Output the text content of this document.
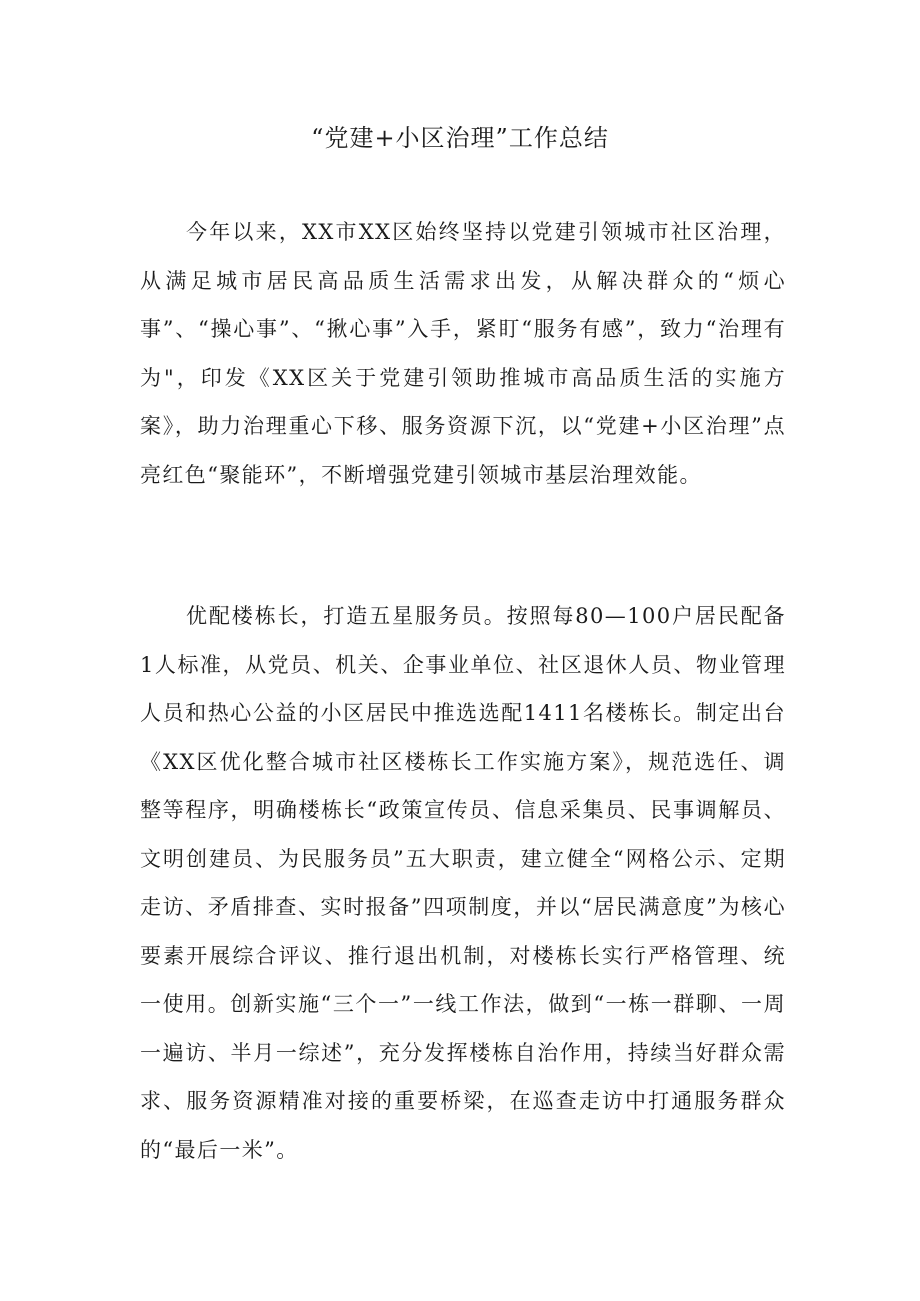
“党建+小区治理”工作总结

今年以来，XX市XX区始终坚持以党建引领城市社区治理，从满足城市居民高品质生活需求出发，从解决群众的“烦心事”、“操心事”、“揪心事”入手，紧盯“服务有感”，致力“治理有为"，印发《XX区关于党建引领助推城市高品质生活的实施方案》，助力治理重心下移、服务资源下沉，以“党建+小区治理”点亮红色“聚能环”，不断增强党建引领城市基层治理效能。

优配楼栋长，打造五星服务员。按照每80—100户居民配备1人标准，从党员、机关、企事业单位、社区退休人员、物业管理人员和热心公益的小区居民中推选选配1411名楼栋长。制定出台《XX区优化整合城市社区楼栋长工作实施方案》，规范选任、调整等程序，明确楼栋长“政策宣传员、信息采集员、民事调解员、文明创建员、为民服务员”五大职责，建立健全“网格公示、定期走访、矛盾排查、实时报备”四项制度，并以“居民满意度”为核心要素开展综合评议、推行退出机制，对楼栋长实行严格管理、统一使用。创新实施“三个一”一线工作法，做到“一栋一群聊、一周一遍访、半月一综述”，充分发挥楼栋自治作用，持续当好群众需求、服务资源精准对接的重要桥梁，在巡查走访中打通服务群众的“最后一米”。
